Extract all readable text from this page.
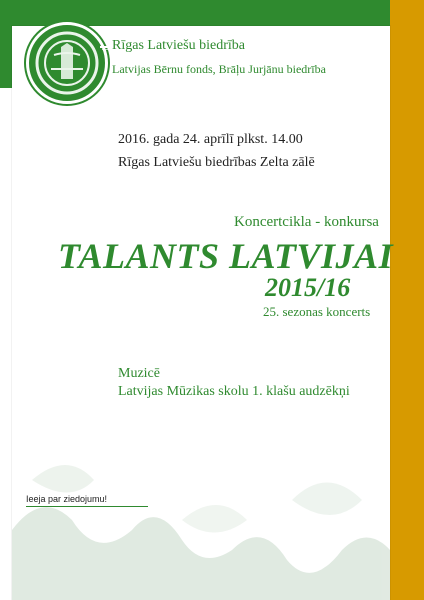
Rīgas Latviešu biedrība
Latvijas Bērnu fonds, Brāļu Jurjānu biedrība
2016. gada 24. aprīlī plkst. 14.00
Rīgas Latviešu biedrības Zelta zālē
Koncertcikla - konkursa
TALANTS LATVIJAI
2015/16
25. sezonas koncerts
Muzicē
Latvijas Mūzikas skolu 1. klašu audzēkņi
Ieeja par ziedojumu!
